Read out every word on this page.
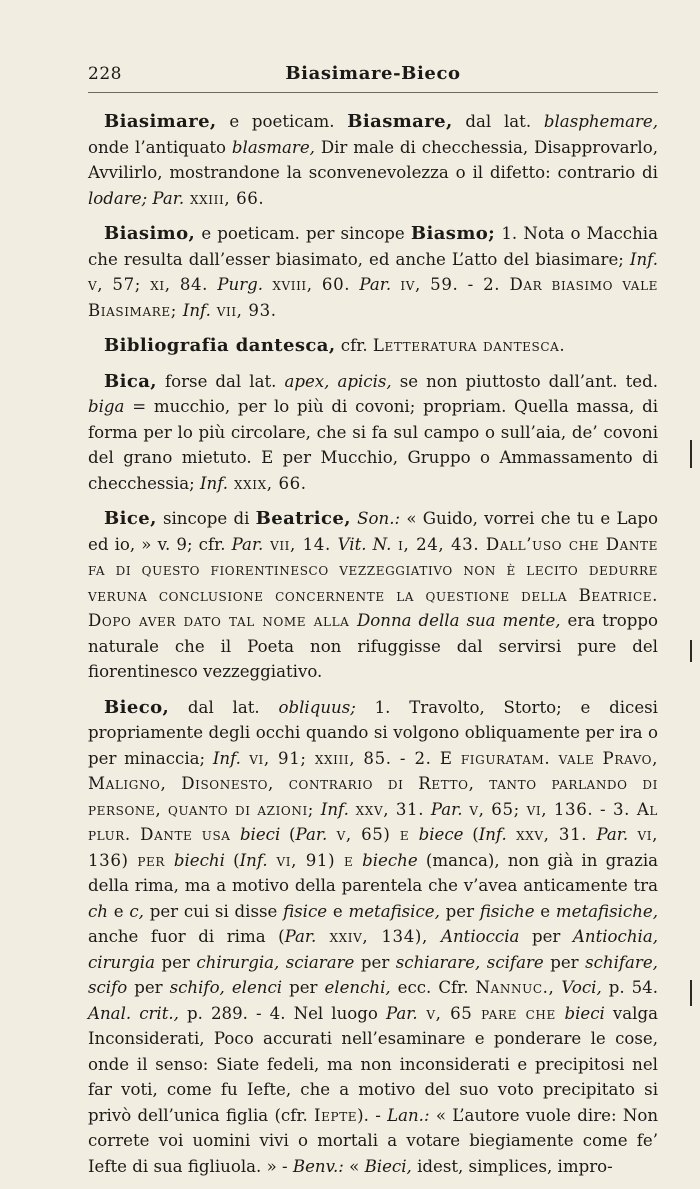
228	Biasimare-Bieco

Biasimare, e poeticam. Biasmare, dal lat. blasphemare, onde l’antiquato blasmare, Dir male di checchessia, Disapprovarlo, Avvilirlo, mostrandone la sconvenevolezza o il difetto: contrario di lodare; Par. xxiii, 66.

Biasimo, e poeticam. per sincope Biasmo; 1. Nota o Macchia che resulta dall’esser biasimato, ed anche L’atto del biasimare; Inf. v, 57; xi, 84. Purg. xviii, 60. Par. iv, 59. - 2. Dar biasimo vale Biasimare; Inf. vii, 93.

Bibliografia dantesca, cfr. Letteratura dantesca.

Bica, forse dal lat. apex, apicis, se non piuttosto dall’ant. ted. biga = mucchio, per lo più di covoni; propriam. Quella massa, di forma per lo più circolare, che si fa sul campo o sull’aia, de’ covoni del grano mietuto. E per Mucchio, Gruppo o Ammassamento di checchessia; Inf. xxix, 66.

Bice, sincope di Beatrice, Son.: « Guido, vorrei che tu e Lapo ed io, » v. 9; cfr. Par. vii, 14. Vit. N. i, 24, 43. Dall’uso che Dante fa di questo fiorentinesco vezzeggiativo non è lecito dedurre veruna conclusione concernente la questione della Beatrice. Dopo aver dato tal nome alla Donna della sua mente, era troppo naturale che il Poeta non rifuggisse dal servirsi pure del fiorentinesco vezzeggiativo.

Bieco, dal lat. obliquus; 1. Travolto, Storto; e dicesi propriamente degli occhi quando si volgono obliquamente per ira o per minaccia; Inf. vi, 91; xxiii, 85. - 2. E figuratam. vale Pravo, Maligno, Disonesto, contrario di Retto, tanto parlando di persone, quanto di azioni; Inf. xxv, 31. Par. v, 65; vi, 136. - 3. Al plur. Dante usa bieci (Par. v, 65) e biece (Inf. xxv, 31. Par. vi, 136) per biechi (Inf. vi, 91) e bieche (manca), non già in grazia della rima, ma a motivo della parentela che v’avea anticamente tra ch e c, per cui si disse fisice e metafisice, per fisiche e metafisiche, anche fuor di rima (Par. xxiv, 134), Antioccia per Antiochia, cirurgia per chirurgia, sciarare per schiarare, scifare per schifare, scifo per schifo, elenci per elenchi, ecc. Cfr. Nannuc., Voci, p. 54. Anal. crit., p. 289. - 4. Nel luogo Par. v, 65 pare che bieci valga Inconsiderati, Poco accurati nell’esaminare e ponderare le cose, onde il senso: Siate fedeli, ma non inconsiderati e precipitosi nel far voti, come fu Iefte, che a motivo del suo voto precipitato si privò dell’unica figlia (cfr. Iepte). - Lan.: « L’autore vuole dire: Non correte voi uomini vivi o mortali a votare biegiamente come fe’ Iefte di sua figliuola. » - Benv.: « Bieci, idest, simplices, impro-
